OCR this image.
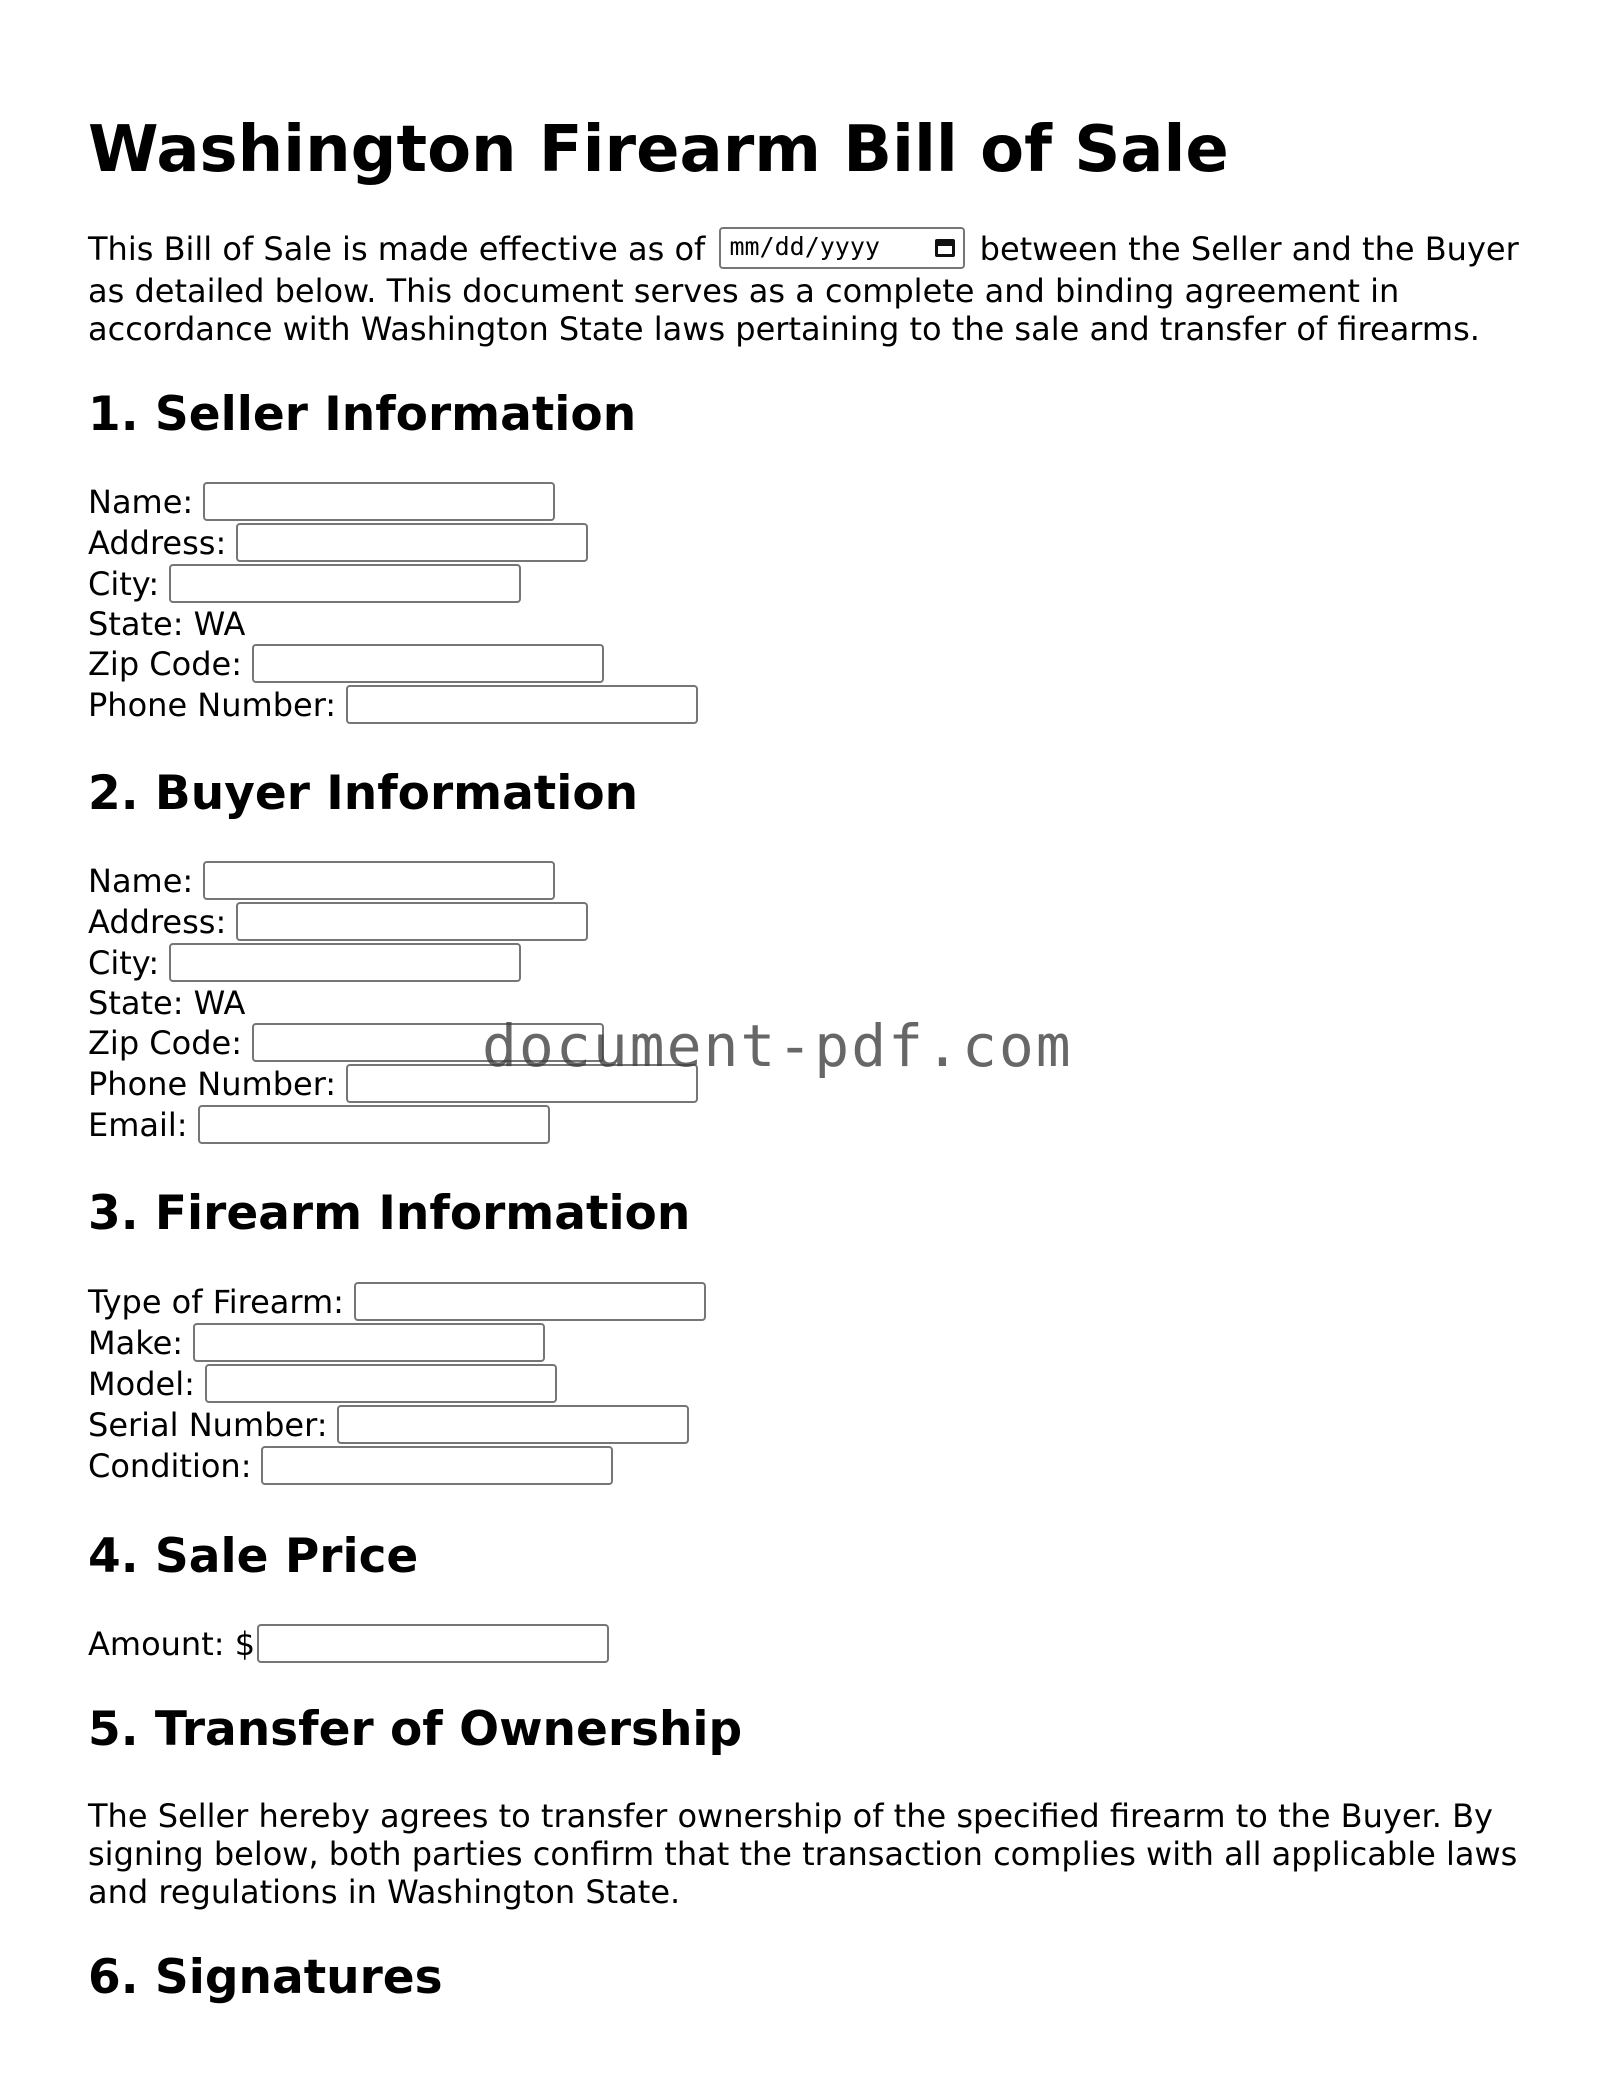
Washington Firearm Bill of Sale

This Bill of Sale is made effective as of mm/dd/yyyy	between the Seller and the Buyer as detailed below. This document serves as a complete and binding agreement in accordance with Washington State laws pertaining to the sale and transfer of firearms.

1. Seller Information
Name:
Address:
City:
State: WA
Zip Code:
Phone Number:
2. Buyer Information
Name:
Address:
City:
State: WA
Zip Code:
Phone Number:
Email:
3. Firearm Information
Type of Firearm:
Make:
Model:
Serial Number:
Condition:
4. Sale Price
Amount: $
5. Transfer of Ownership

The Seller hereby agrees to transfer ownership of the specified firearm to the Buyer. By signing below, both parties confirm that the transaction complies with all applicable laws and regulations in Washington State.

6. Signatures
document-pdf.com
